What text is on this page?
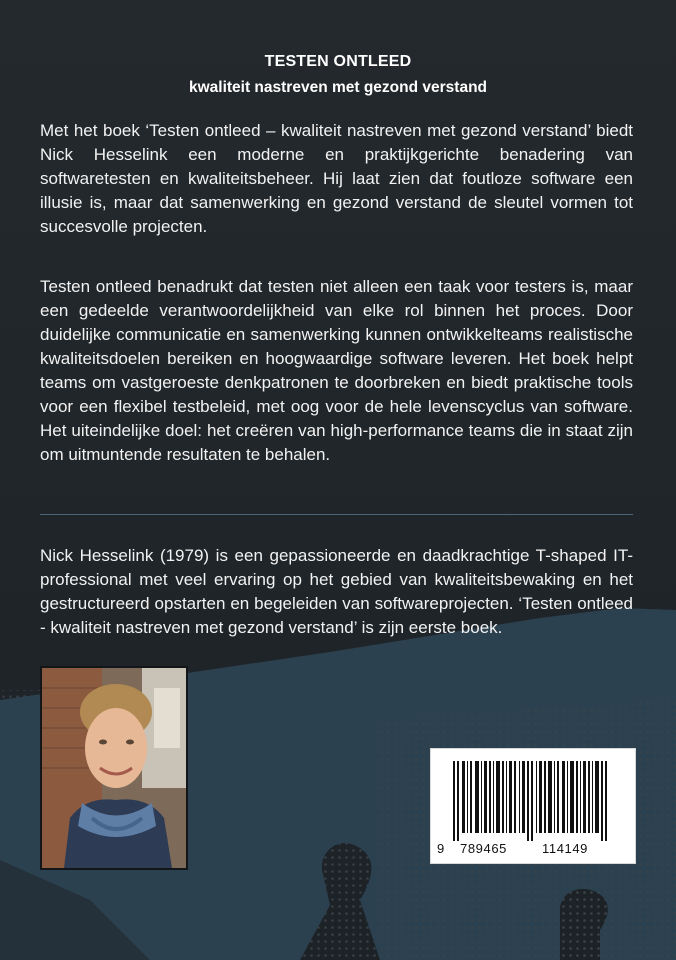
TESTEN ONTLEED
kwaliteit nastreven met gezond verstand

Met het boek ‘Testen ontleed – kwaliteit nastreven met gezond verstand’ biedt Nick Hesselink een moderne en praktijkgerichte benadering van softwaretesten en kwaliteitsbeheer. Hij laat zien dat foutloze software een illusie is, maar dat samenwerking en gezond verstand de sleutel vormen tot succesvolle projecten.

Testen ontleed benadrukt dat testen niet alleen een taak voor testers is, maar een gedeelde verantwoordelijkheid van elke rol binnen het proces. Door duidelijke communicatie en samenwerking kunnen ontwikkelteams realistische kwaliteitsdoelen bereiken en hoogwaardige software leveren. Het boek helpt teams om vastgeroeste denkpatronen te doorbreken en biedt praktische tools voor een flexibel testbeleid, met oog voor de hele levenscyclus van software. Het uiteindelijke doel: het creëren van high-performance teams die in staat zijn om uitmuntende resultaten te behalen.

Nick Hesselink (1979) is een gepassioneerde en daadkrachtige T-shaped IT-professional met veel ervaring op het gebied van kwaliteitsbewaking en het gestructureerd opstarten en begeleiden van softwareprojecten. ‘Testen ontleed - kwaliteit nastreven met gezond verstand’ is zijn eerste boek.

9 789465	114149
